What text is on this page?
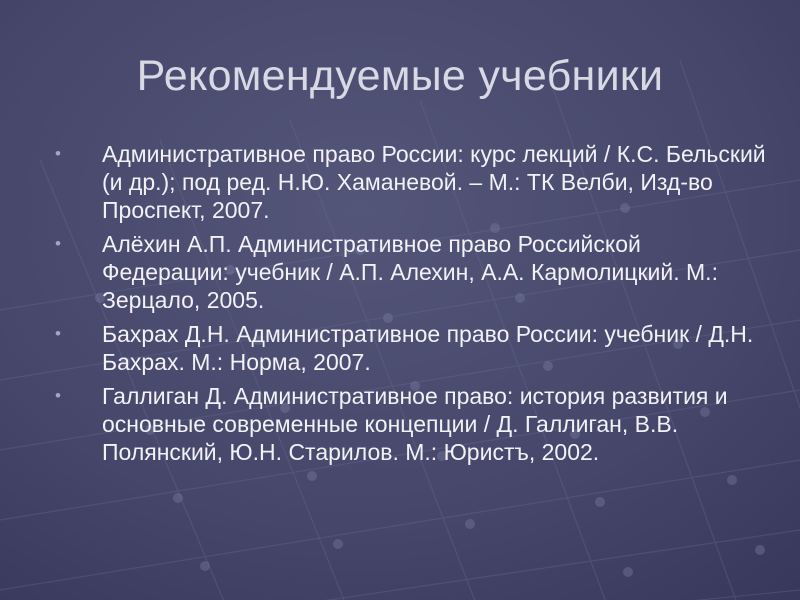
Рекомендуемые учебники
•	Административное право России: курс лекций / К.С. Бельский (и др.); под ред. Н.Ю. Хаманевой. – М.: ТК Велби, Изд-во Проспект, 2007.
•	Алёхин А.П. Административное право Российской Федерации: учебник / А.П. Алехин, А.А. Кармолицкий. М.: Зерцало, 2005.
•	Бахрах Д.Н. Административное право России: учебник / Д.Н. Бахрах. М.: Норма, 2007.
•	Галлиган Д. Административное право: история развития и основные современные концепции / Д. Галлиган, В.В. Полянский, Ю.Н. Старилов. М.: Юристъ, 2002.
